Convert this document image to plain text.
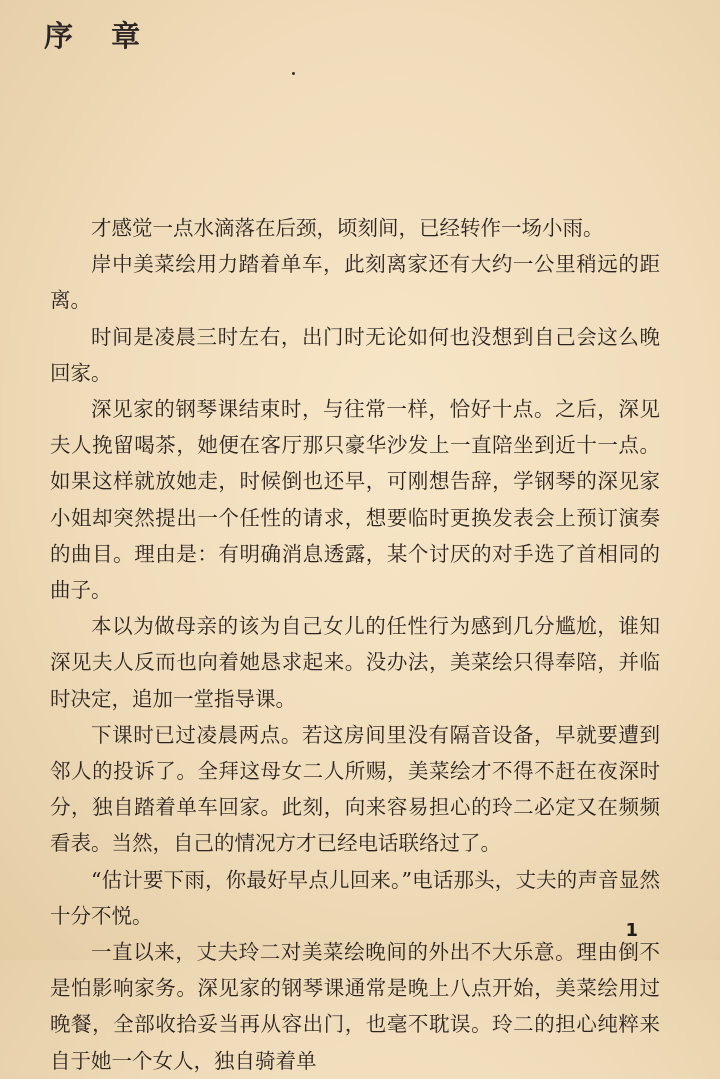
序 章

才感觉一点水滴落在后颈，顷刻间，已经转作一场小雨。

岸中美菜绘用力踏着单车，此刻离家还有大约一公里稍远的距离。

时间是凌晨三时左右，出门时无论如何也没想到自己会这么晚回家。

深见家的钢琴课结束时，与往常一样，恰好十点。之后，深见夫人挽留喝茶，她便在客厅那只豪华沙发上一直陪坐到近十一点。如果这样就放她走，时候倒也还早，可刚想告辞，学钢琴的深见家小姐却突然提出一个任性的请求，想要临时更换发表会上预订演奏的曲目。理由是：有明确消息透露，某个讨厌的对手选了首相同的曲子。

本以为做母亲的该为自己女儿的任性行为感到几分尴尬，谁知深见夫人反而也向着她恳求起来。没办法，美菜绘只得奉陪，并临时决定，追加一堂指导课。

下课时已过凌晨两点。若这房间里没有隔音设备，早就要遭到邻人的投诉了。全拜这母女二人所赐，美菜绘才不得不赶在夜深时分，独自踏着单车回家。此刻，向来容易担心的玲二必定又在频频看表。当然，自己的情况方才已经电话联络过了。

“估计要下雨，你最好早点儿回来。”电话那头，丈夫的声音显然十分不悦。

一直以来，丈夫玲二对美菜绘晚间的外出不大乐意。理由倒不是怕影响家务。深见家的钢琴课通常是晚上八点开始，美菜绘用过晚餐，全部收拾妥当再从容出门，也毫不耽误。玲二的担心纯粹来自于她一个女人，独自骑着单

1
